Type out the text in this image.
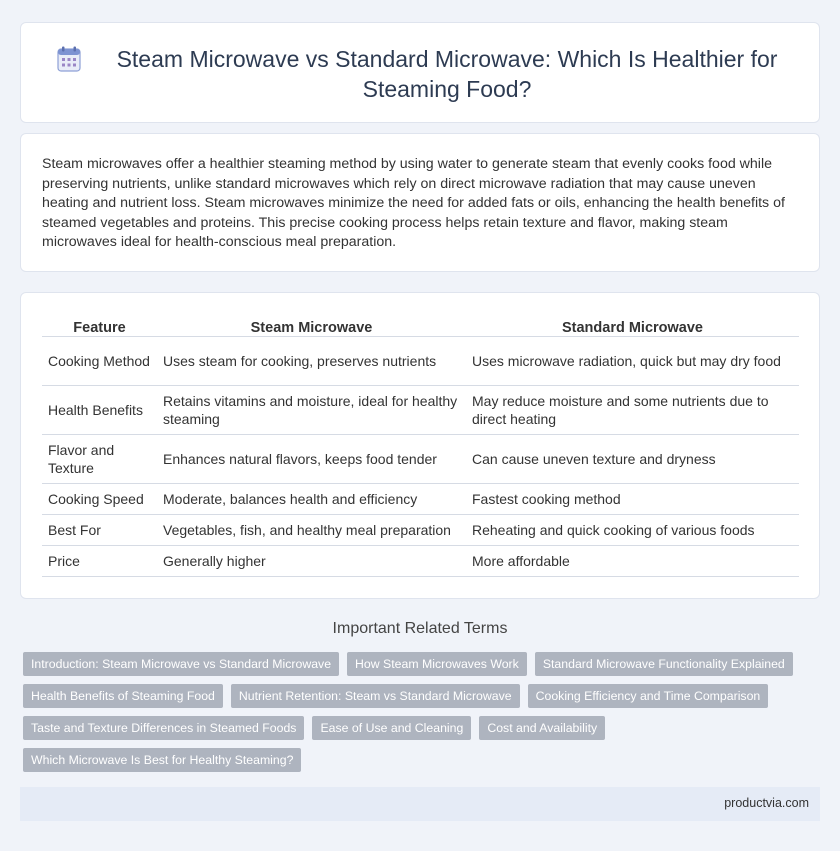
Steam Microwave vs Standard Microwave: Which Is Healthier for Steaming Food?

Steam microwaves offer a healthier steaming method by using water to generate steam that evenly cooks food while preserving nutrients, unlike standard microwaves which rely on direct microwave radiation that may cause uneven heating and nutrient loss. Steam microwaves minimize the need for added fats or oils, enhancing the health benefits of steamed vegetables and proteins. This precise cooking process helps retain texture and flavor, making steam microwaves ideal for health-conscious meal preparation.

Feature	Steam Microwave	Standard Microwave
Cooking Method	Uses steam for cooking, preserves nutrients	Uses microwave radiation, quick but may dry food
Health Benefits	Retains vitamins and moisture, ideal for healthy steaming	May reduce moisture and some nutrients due to direct heating
Flavor and Texture	Enhances natural flavors, keeps food tender	Can cause uneven texture and dryness
Cooking Speed	Moderate, balances health and efficiency	Fastest cooking method
Best For	Vegetables, fish, and healthy meal preparation	Reheating and quick cooking of various foods
Price	Generally higher	More affordable
Important Related Terms
Introduction: Steam Microwave vs Standard Microwave	How Steam Microwaves Work	Standard Microwave Functionality Explained
Health Benefits of Steaming Food	Nutrient Retention: Steam vs Standard Microwave	Cooking Efficiency and Time Comparison
Taste and Texture Differences in Steamed Foods	Ease of Use and Cleaning	Cost and Availability
Which Microwave Is Best for Healthy Steaming?
productvia.com
